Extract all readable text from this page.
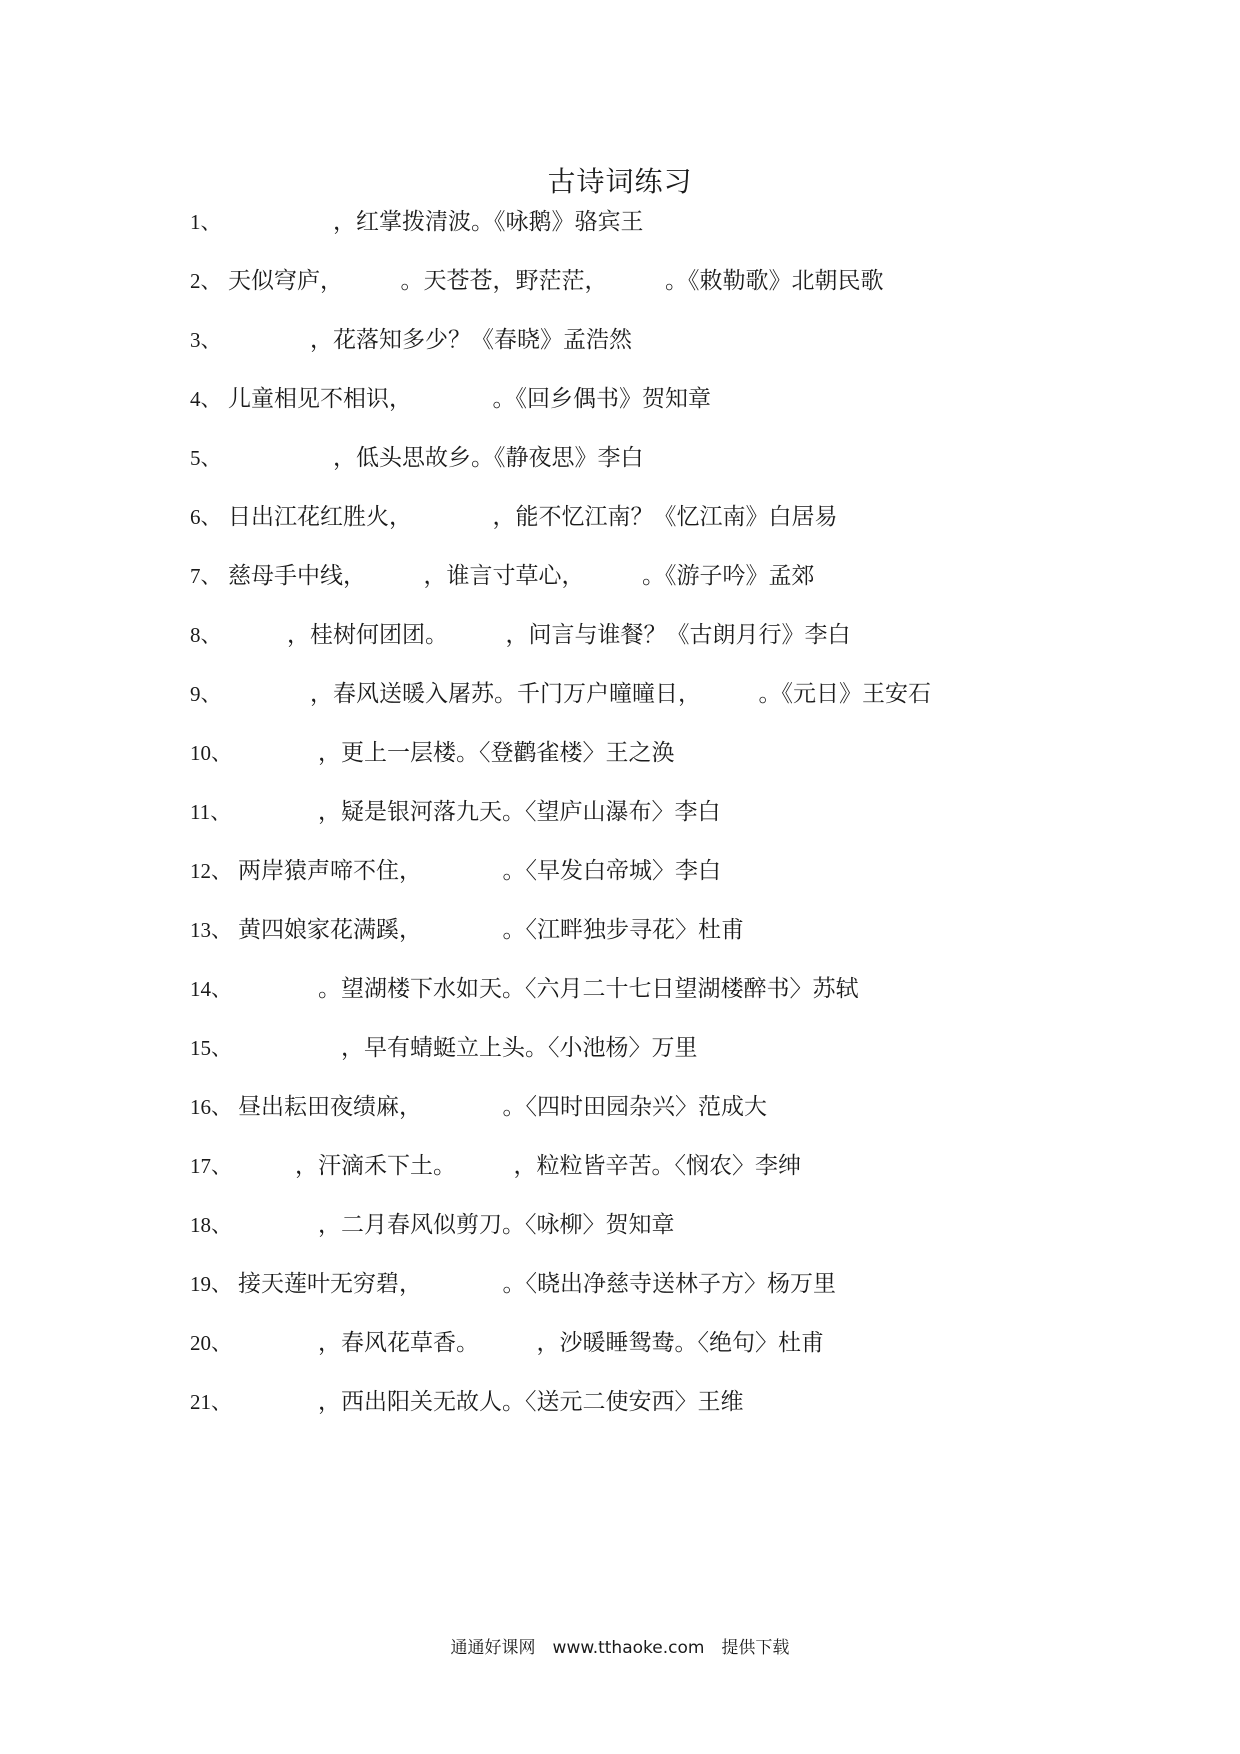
古诗词练习
1、
　　　　　，红掌拨清波。《咏鹅》骆宾王
2、 天似穹庐，　　　。天苍苍，野茫茫，　　　。《敕勒歌》北朝民歌
3、
　　　　，花落知多少？《春晓》孟浩然
4、 儿童相见不相识，　　　　。《回乡偶书》贺知章
5、
　　　　　，低头思故乡。《静夜思》李白
6、 日出江花红胜火，　　　　，能不忆江南？《忆江南》白居易
7、 慈母手中线，　　　，谁言寸草心，　　　。《游子吟》孟郊
8、
　　　，桂树何团团。　　　，问言与谁餐？《古朗月行》李白
9、
　　　　，春风送暖入屠苏。千门万户曈曈日，　　　。《元日》王安石
10、
　　　　，更上一层楼。〈登鹳雀楼〉王之涣
11、
　　　　，疑是银河落九天。〈望庐山瀑布〉李白
12、 两岸猿声啼不住，　　　　。〈早发白帝城〉李白
13、 黄四娘家花满蹊，　　　　。〈江畔独步寻花〉杜甫
14、
　　　　。望湖楼下水如天。〈六月二十七日望湖楼醉书〉苏轼
15、
　　　　　，早有蜻蜓立上头。〈小池杨〉万里
16、 昼出耘田夜绩麻，　　　　。〈四时田园杂兴〉范成大
17、
　　　，汗滴禾下土。　　　，粒粒皆辛苦。〈悯农〉李绅
18、
　　　　，二月春风似剪刀。〈咏柳〉贺知章
19、 接天莲叶无穷碧，　　　　。〈晓出净慈寺送林子方〉杨万里
20、
　　　　，春风花草香。　　　，沙暖睡鸳鸯。〈绝句〉杜甫
21、
　　　　，西出阳关无故人。〈送元二使安西〉王维
通通好课网　www.tthaoke.com　提供下载
